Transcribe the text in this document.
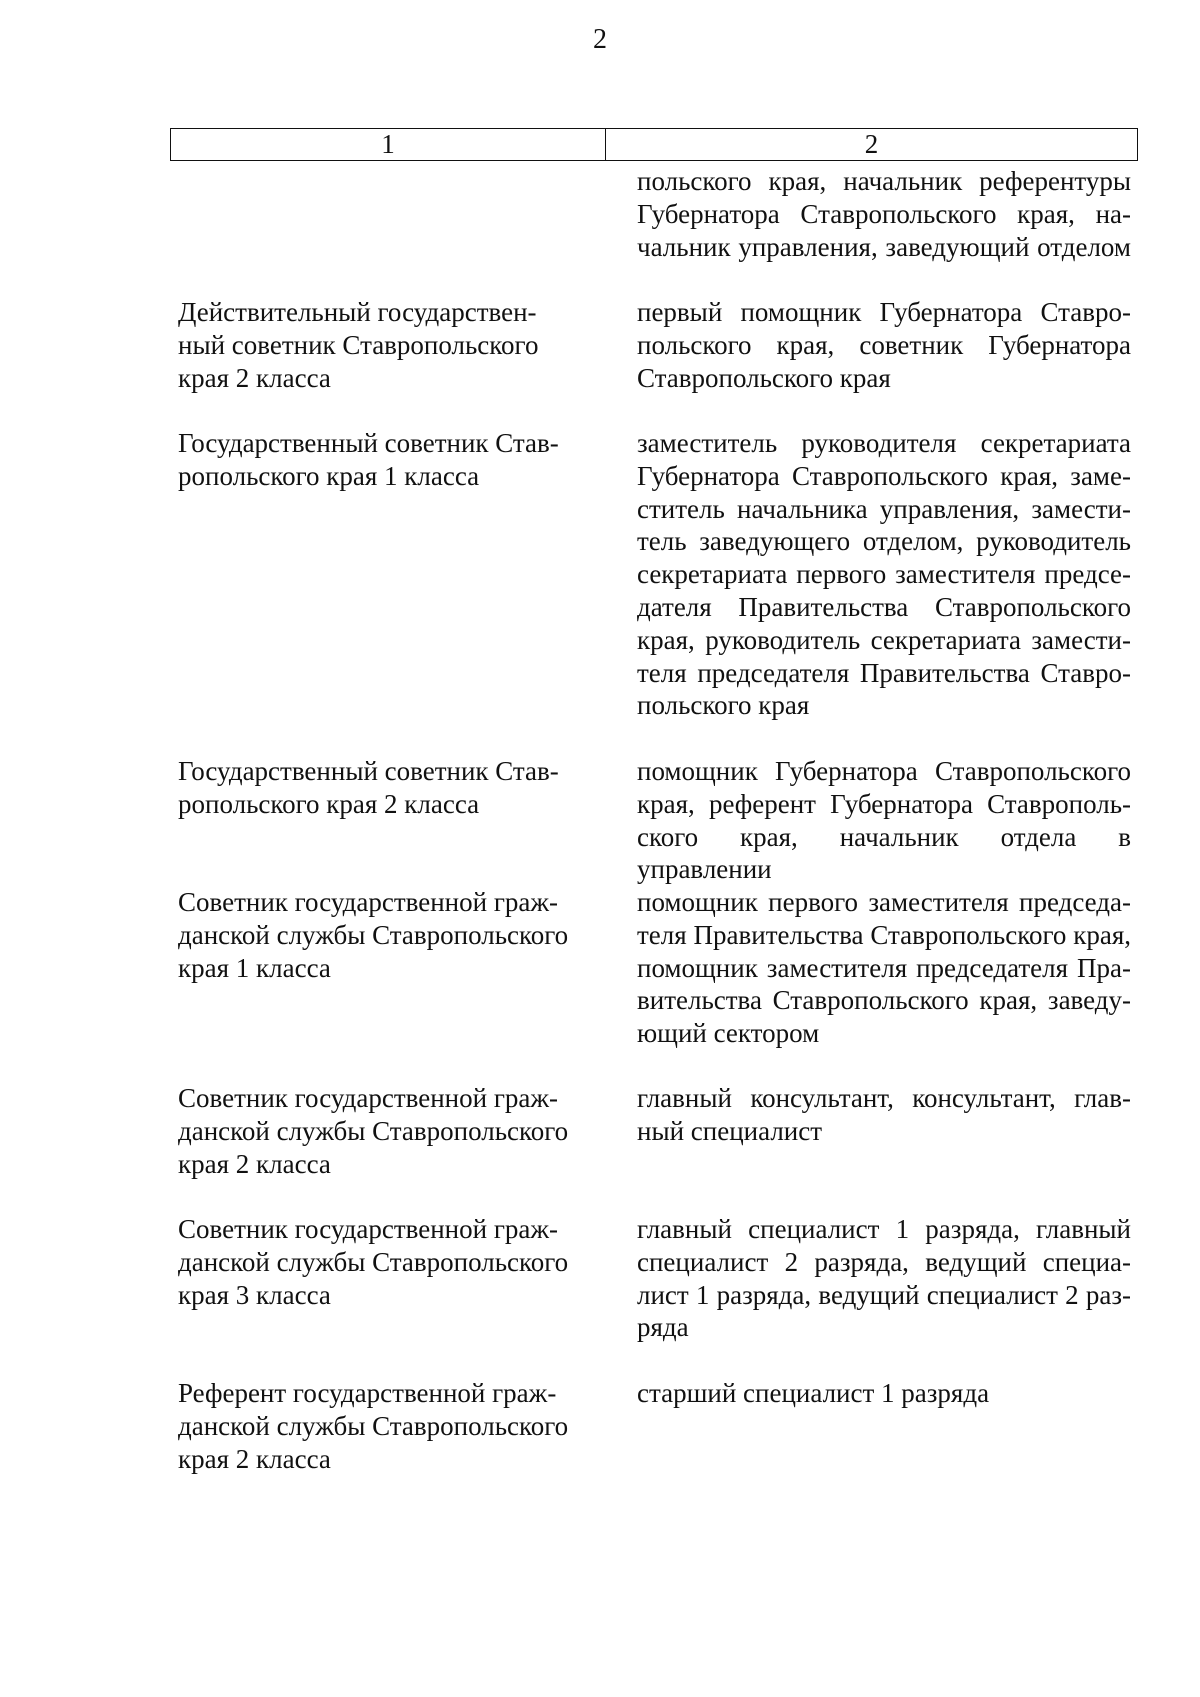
2
1	2
польского края, начальник референтуры
Губернатора Ставропольского края, на-
чальник управления, заведующий отделом
Действительный государствен-
ный советник Ставропольского
края 2 класса
первый помощник Губернатора Ставро-
польского края, советник Губернатора
Ставропольского края
Государственный советник Став-
ропольского края 1 класса
заместитель руководителя секретариата
Губернатора Ставропольского края, заме-
ститель начальника управления, замести-
тель заведующего отделом, руководитель
секретариата первого заместителя предсе-
дателя Правительства Ставропольского
края, руководитель секретариата замести-
теля председателя Правительства Ставро-
польского края
Государственный советник Став-
ропольского края 2 класса
помощник Губернатора Ставропольского
края, референт Губернатора Ставрополь-
ского края, начальник отдела в управлении
Советник государственной граж-
данской службы Ставропольского
края 1 класса
помощник первого заместителя председа-
теля Правительства Ставропольского края,
помощник заместителя председателя Пра-
вительства Ставропольского края, заведу-
ющий сектором
Советник государственной граж-
данской службы Ставропольского
края 2 класса
главный консультант, консультант, глав-
ный специалист
Советник государственной граж-
данской службы Ставропольского
края 3 класса
главный специалист 1 разряда, главный
специалист 2 разряда, ведущий специа-
лист 1 разряда, ведущий специалист 2 раз-
ряда
Референт государственной граж-
данской службы Ставропольского
края 2 класса
старший специалист 1 разряда
